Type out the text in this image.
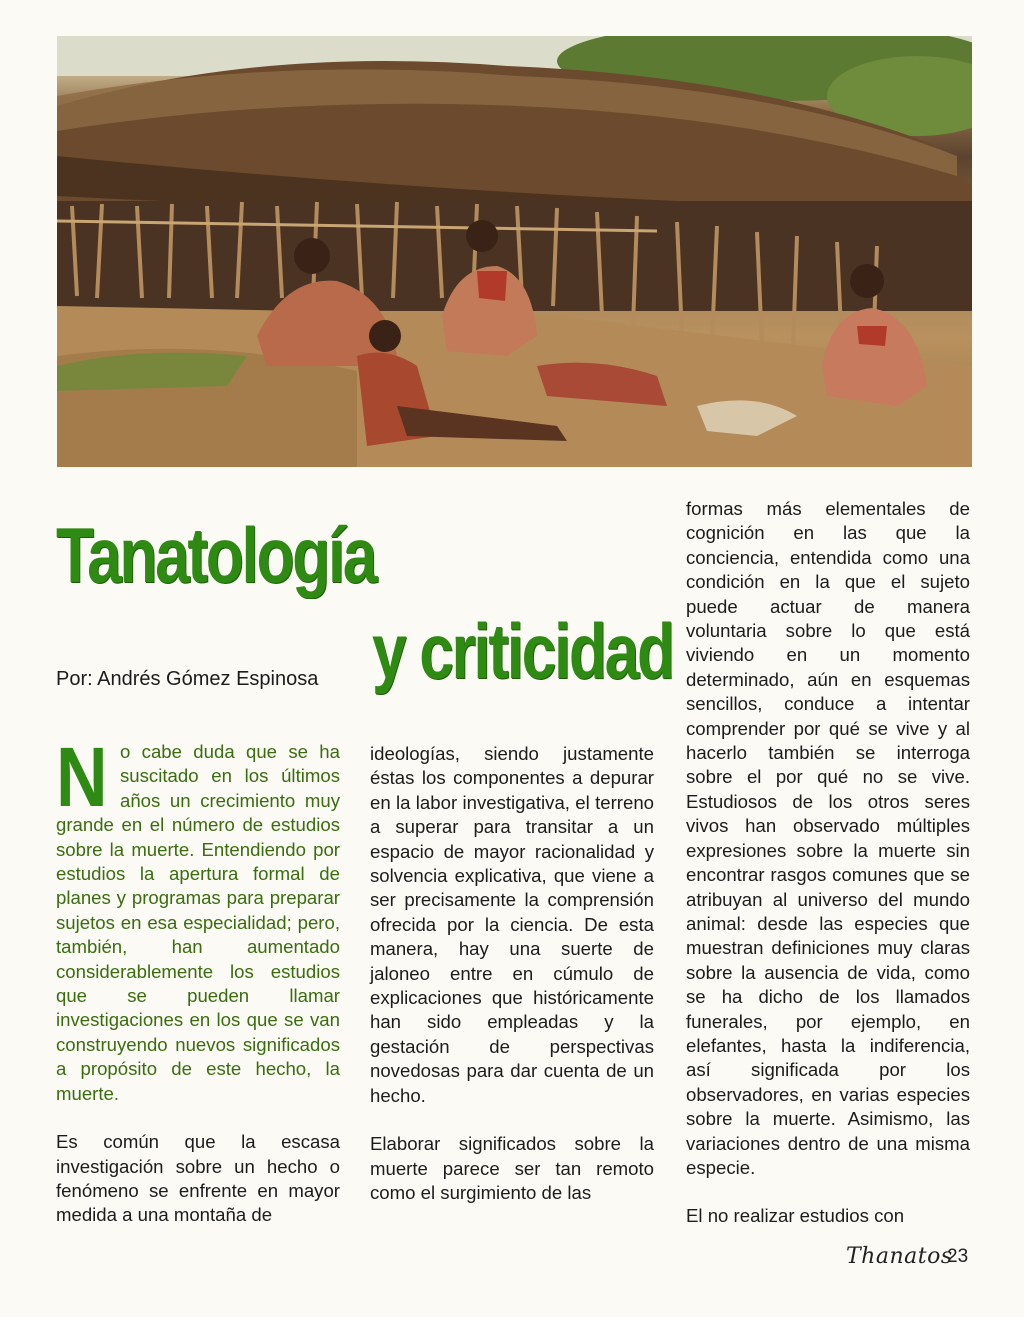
Tanatología
y criticidad
Por: Andrés Gómez Espinosa

No cabe duda que se ha suscitado en los últimos años un crecimiento muy grande en el número de estudios sobre la muerte. Entendiendo por estudios la apertura formal de planes y programas para preparar sujetos en esa especialidad; pero, también, han aumentado considerablemente los estudios que se pueden llamar investigaciones en los que se van construyendo nuevos significados a propósito de este hecho, la muerte.

Es común que la escasa investigación sobre un hecho o fenómeno se enfrente en mayor medida a una montaña de

ideologías, siendo justamente éstas los componentes a depurar en la labor investigativa, el terreno a superar para transitar a un espacio de mayor racionalidad y solvencia explicativa, que viene a ser precisamente la comprensión ofrecida por la ciencia. De esta manera, hay una suerte de jaloneo entre en cúmulo de explicaciones que históricamente han sido empleadas y la gestación de perspectivas novedosas para dar cuenta de un hecho.

Elaborar significados sobre la muerte parece ser tan remoto como el surgimiento de las

formas más elementales de cognición en las que la conciencia, entendida como una condición en la que el sujeto puede actuar de manera voluntaria sobre lo que está viviendo en un momento determinado, aún en esquemas sencillos, conduce a intentar comprender por qué se vive y al hacerlo también se interroga sobre el por qué no se vive. Estudiosos de los otros seres vivos han observado múltiples expresiones sobre la muerte sin encontrar rasgos comunes que se atribuyan al universo del mundo animal: desde las especies que muestran definiciones muy claras sobre la ausencia de vida, como se ha dicho de los llamados funerales, por ejemplo, en elefantes, hasta la indiferencia, así significada por los observadores, en varias especies sobre la muerte. Asimismo, las variaciones dentro de una misma especie.

El no realizar estudios con

Thanatos
23
